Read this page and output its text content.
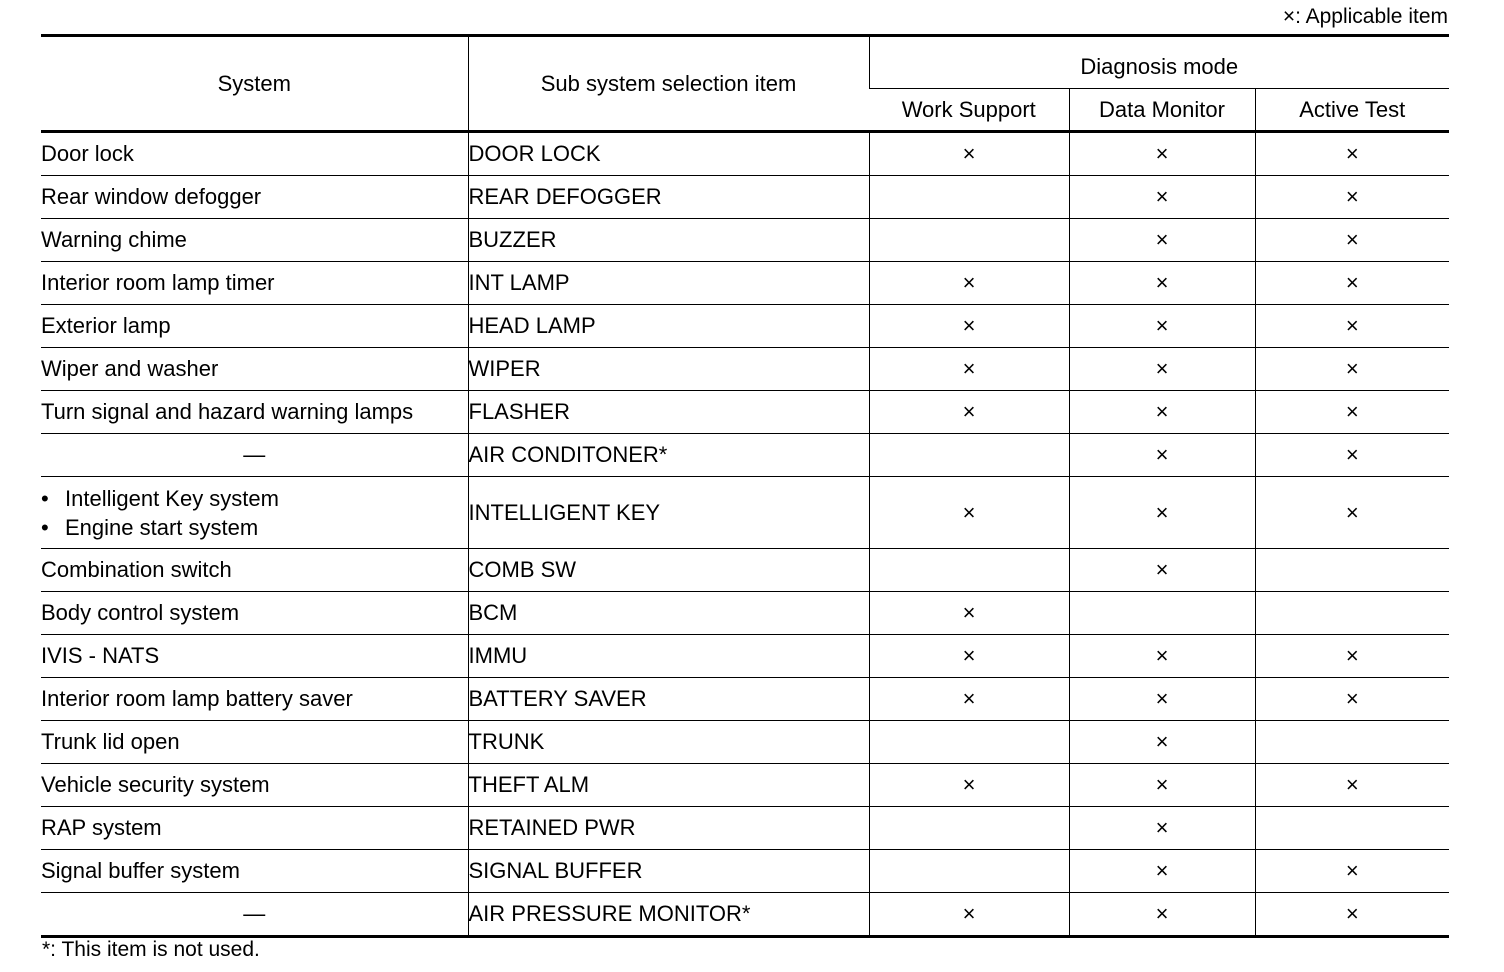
×: Applicable item
System	Sub system selection item	Diagnosis mode		
		Work Support	Data Monitor	Active Test
Door lock	DOOR LOCK	×	×	×
Rear window defogger	REAR DEFOGGER		×	×
Warning chime	BUZZER		×	×
Interior room lamp timer	INT LAMP	×	×	×
Exterior lamp	HEAD LAMP	×	×	×
Wiper and washer	WIPER	×	×	×
Turn signal and hazard warning lamps	FLASHER	×	×	×
—	AIR CONDITONER*		×	×

• Intelligent Key system
• Engine start system	INTELLIGENT KEY	×	×	×
Combination switch	COMB SW		×	
Body control system	BCM	×		
IVIS - NATS	IMMU	×	×	×
Interior room lamp battery saver	BATTERY SAVER	×	×	×
Trunk lid open	TRUNK		×	
Vehicle security system	THEFT ALM	×	×	×
RAP system	RETAINED PWR		×	
Signal buffer system	SIGNAL BUFFER		×	×
—	AIR PRESSURE MONITOR*	×	×	×
*: This item is not used.
